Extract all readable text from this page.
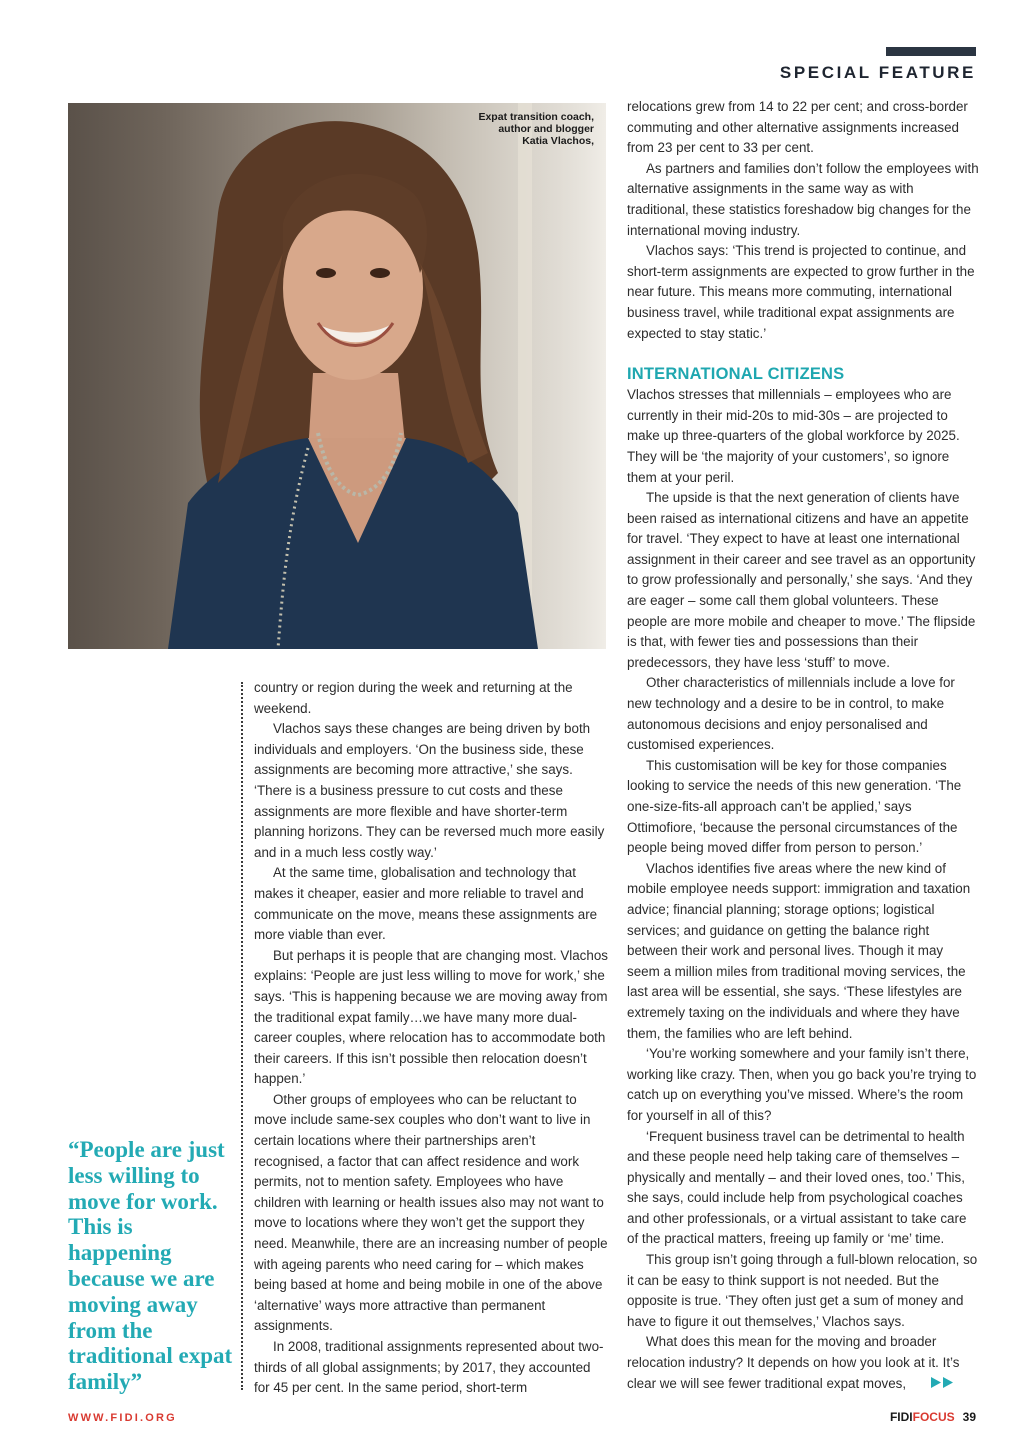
SPECIAL FEATURE
Expat transition coach,
author and blogger
Katia Vlachos,
“People are just less willing to move for work. This is happening because we are moving away from the traditional expat family”

country or region during the week and returning at the weekend.

Vlachos says these changes are being driven by both individuals and employers. ‘On the business side, these assignments are becoming more attractive,’ she says. ‘There is a business pressure to cut costs and these assignments are more flexible and have shorter-term planning horizons. They can be reversed much more easily and in a much less costly way.’

At the same time, globalisation and technology that makes it cheaper, easier and more reliable to travel and communicate on the move, means these assignments are more viable than ever.

But perhaps it is people that are changing most. Vlachos explains: ‘People are just less willing to move for work,’ she says. ‘This is happening because we are moving away from the traditional expat family…we have many more dual-career couples, where relocation has to accommodate both their careers. If this isn’t possible then relocation doesn’t happen.’

Other groups of employees who can be reluctant to move include same-sex couples who don’t want to live in certain locations where their partnerships aren’t recognised, a factor that can affect residence and work permits, not to mention safety. Employees who have children with learning or health issues also may not want to move to locations where they won’t get the support they need. Meanwhile, there are an increasing number of people with ageing parents who need caring for – which makes being based at home and being mobile in one of the above ‘alternative’ ways more attractive than permanent assignments.

In 2008, traditional assignments represented about two-thirds of all global assignments; by 2017, they accounted for 45 per cent. In the same period, short-term

relocations grew from 14 to 22 per cent; and cross-border commuting and other alternative assignments increased from 23 per cent to 33 per cent.

As partners and families don’t follow the employees with alternative assignments in the same way as with traditional, these statistics foreshadow big changes for the international moving industry.

Vlachos says: ‘This trend is projected to continue, and short-term assignments are expected to grow further in the near future. This means more commuting, international business travel, while traditional expat assignments are expected to stay static.’

INTERNATIONAL CITIZENS

Vlachos stresses that millennials – employees who are currently in their mid-20s to mid-30s – are projected to make up three-quarters of the global workforce by 2025. They will be ‘the majority of your customers’, so ignore them at your peril.

The upside is that the next generation of clients have been raised as international citizens and have an appetite for travel. ‘They expect to have at least one international assignment in their career and see travel as an opportunity to grow professionally and personally,’ she says. ‘And they are eager – some call them global volunteers. These people are more mobile and cheaper to move.’ The flipside is that, with fewer ties and possessions than their predecessors, they have less ‘stuff’ to move.

Other characteristics of millennials include a love for new technology and a desire to be in control, to make autonomous decisions and enjoy personalised and customised experiences.

This customisation will be key for those companies looking to service the needs of this new generation. ‘The one-size-fits-all approach can’t be applied,’ says Ottimofiore, ‘because the personal circumstances of the people being moved differ from person to person.’

Vlachos identifies five areas where the new kind of mobile employee needs support: immigration and taxation advice; financial planning; storage options; logistical services; and guidance on getting the balance right between their work and personal lives. Though it may seem a million miles from traditional moving services, the last area will be essential, she says. ‘These lifestyles are extremely taxing on the individuals and where they have them, the families who are left behind.

‘You’re working somewhere and your family isn’t there, working like crazy. Then, when you go back you’re trying to catch up on everything you’ve missed. Where’s the room for yourself in all of this?

‘Frequent business travel can be detrimental to health and these people need help taking care of themselves – physically and mentally – and their loved ones, too.’ This, she says, could include help from psychological coaches and other professionals, or a virtual assistant to take care of the practical matters, freeing up family or ‘me’ time.

This group isn’t going through a full-blown relocation, so it can be easy to think support is not needed. But the opposite is true. ‘They often just get a sum of money and have to figure it out themselves,’ Vlachos says.

What does this mean for the moving and broader relocation industry? It depends on how you look at it. It’s clear we will see fewer traditional expat moves,

WWW.FIDI.ORG	FIDIFOCUS 39
